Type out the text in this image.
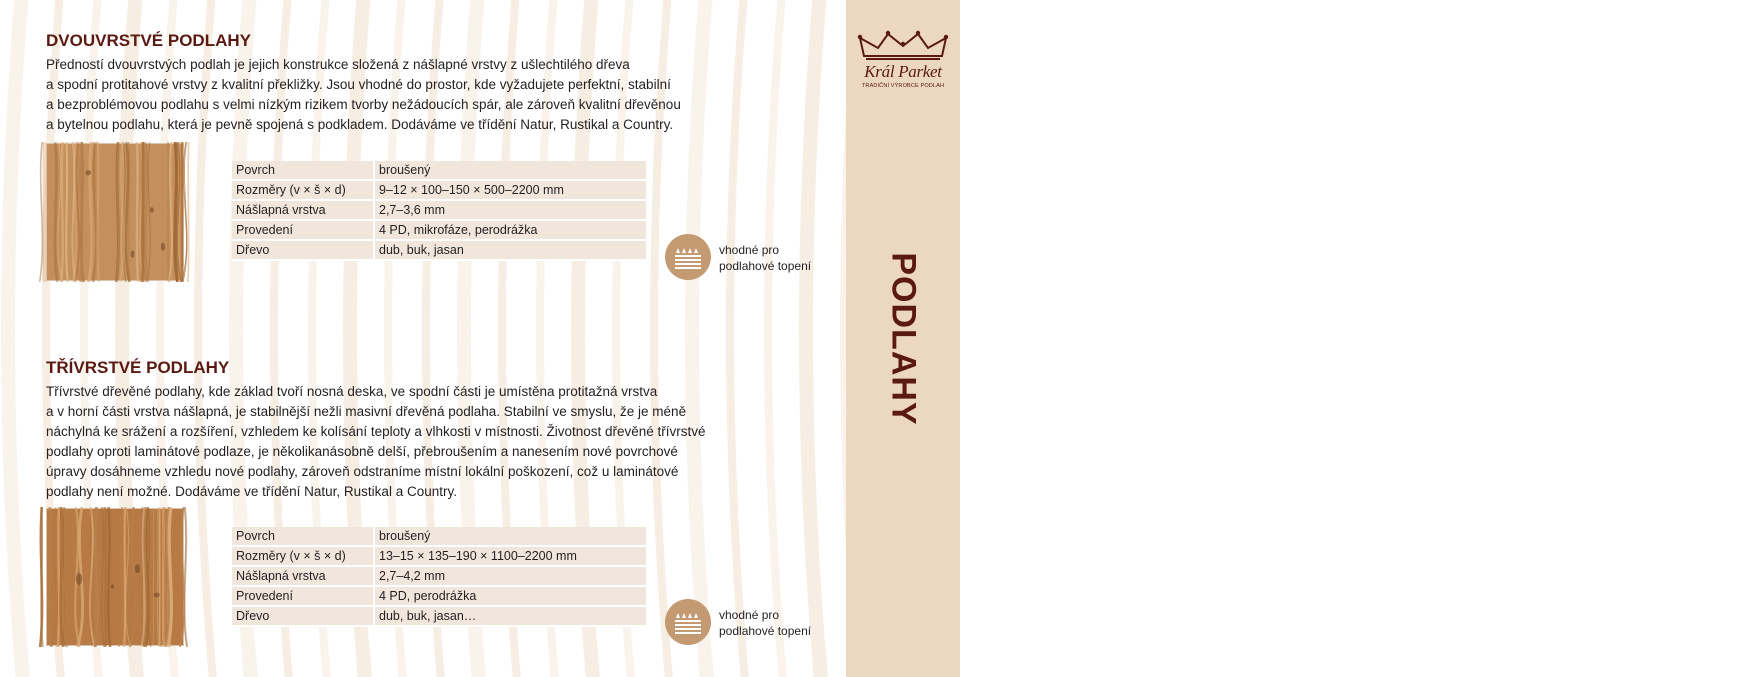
Král Parket
TRADIČNÍ VÝROBCE PODLAH
3
PODLAHY
DVOUVRSTVÉ PODLAHY
Předností dvouvrstvých podlah je jejich konstrukce složená z nášlapné vrstvy z ušlechtilého dřeva
a spodní protitahové vrstvy z kvalitní překližky. Jsou vhodné do prostor, kde vyžadujete perfektní, stabilní
a bezproblémovou podlahu s velmi nízkým rizikem tvorby nežádoucích spár, ale zároveň kvalitní dřevěnou
a bytelnou podlahu, která je pevně spojená s podkladem. Dodáváme ve třídění Natur, Rustikal a Country.
Povrch	broušený
Rozměry (v × š × d)	9–12 × 100–150 × 500–2200 mm
Nášlapná vrstva	2,7–3,6 mm
Provedení	4 PD, mikrofáze, perodrážka
Dřevo	dub, buk, jasan	vhodné pro
podlahové topení
TŘÍVRSTVÉ PODLAHY
Třívrstvé dřevěné podlahy, kde základ tvoří nosná deska, ve spodní části je umístěna protitažná vrstva
a v horní části vrstva nášlapná, je stabilnější nežli masivní dřevěná podlaha. Stabilní ve smyslu, že je méně
náchylná ke srážení a rozšíření, vzhledem ke kolísání teploty a vlhkosti v místnosti. Životnost dřevěné třívrstvé
podlahy oproti laminátové podlaze, je několikanásobně delší, přebroušením a nanesením nové povrchové
úpravy dosáhneme vzhledu nové podlahy, zároveň odstraníme místní lokální poškození, což u laminátové
podlahy není možné. Dodáváme ve třídění Natur, Rustikal a Country.
Povrch	broušený
Rozměry (v × š × d)	13–15 × 135–190 × 1100–2200 mm
Nášlapná vrstva	2,7–4,2 mm
Provedení	4 PD, perodrážka
Dřevo	dub, buk, jasan…	vhodné pro
podlahové topení
